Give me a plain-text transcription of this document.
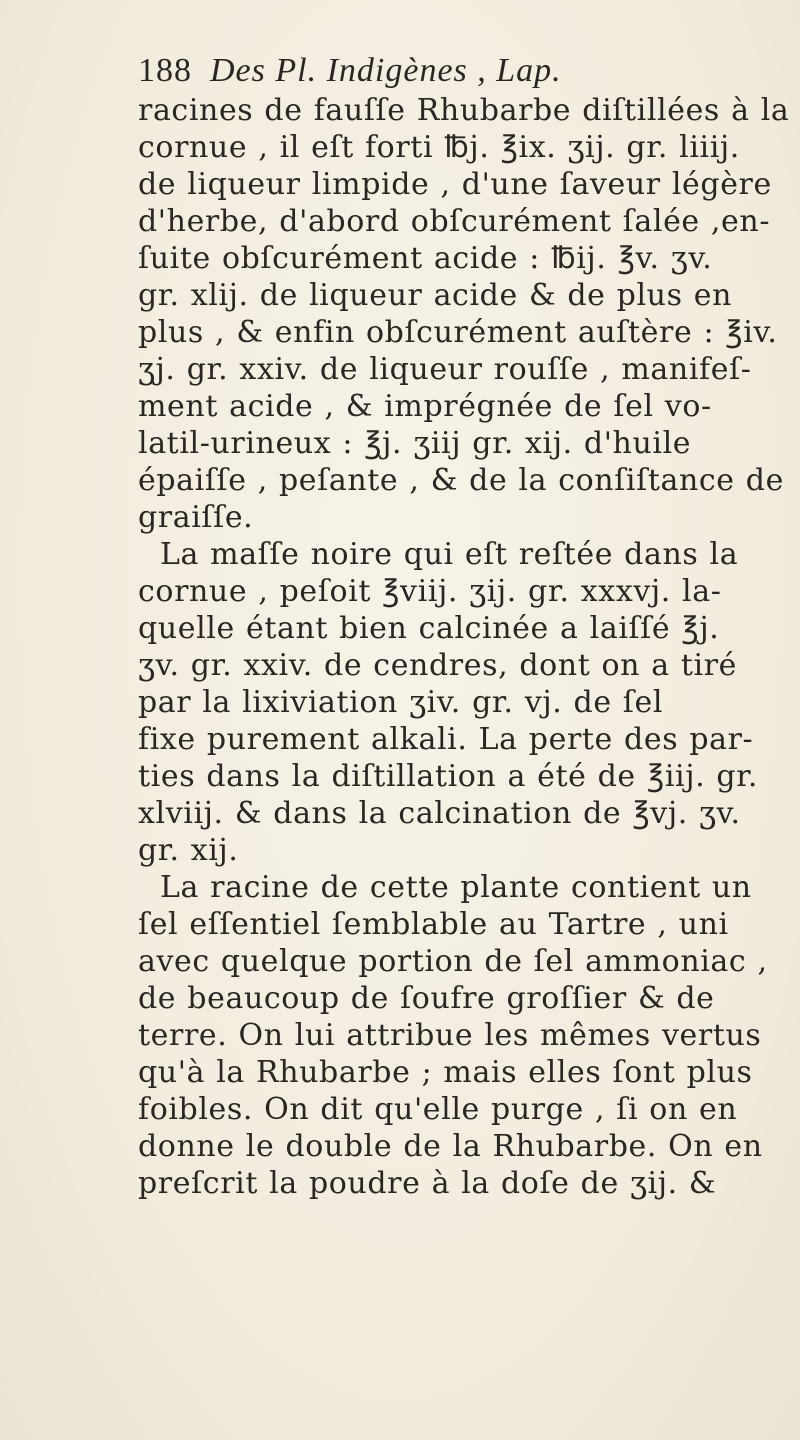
188 Des Pl. Indigènes , Lap.
racines de fauſſe Rhubarbe diſtillées à la
cornue , il eſt forti ℔j. ℥ix. ʒij. gr. liiij.
de liqueur limpide , d'une ſaveur légère
d'herbe, d'abord obſcurément ſalée ,en-
ſuite obſcurément acide : ℔ij. ℥v. ʒv.
gr. xlij. de liqueur acide & de plus en
plus , & enfin obſcurément auſtère : ℥iv.
ʒj. gr. xxiv. de liqueur rouſſe , manifeſ-
ment acide , & imprégnée de ſel vo-
latil-urineux : ℥j. ʒiij gr. xij. d'huile
épaiſſe , peſante , & de la conſiſtance de
graiſſe.
La maſſe noire qui eſt reſtée dans la
cornue , peſoit ℥viij. ʒij. gr. xxxvj. la-
quelle étant bien calcinée a laiſſé ℥j.
ʒv. gr. xxiv. de cendres, dont on a tiré
par la lixiviation ʒiv. gr. vj. de ſel
fixe purement alkali. La perte des par-
ties dans la diſtillation a été de ℥iij. gr.
xlviij. & dans la calcination de ℥vj. ʒv.
gr. xij.
La racine de cette plante contient un
ſel eſſentiel ſemblable au Tartre , uni
avec quelque portion de ſel ammoniac ,
de beaucoup de ſoufre groſſier & de
terre. On lui attribue les mêmes vertus
qu'à la Rhubarbe ; mais elles ſont plus
foibles. On dit qu'elle purge , ſi on en
donne le double de la Rhubarbe. On en
preſcrit la poudre à la doſe de ʒij. &
